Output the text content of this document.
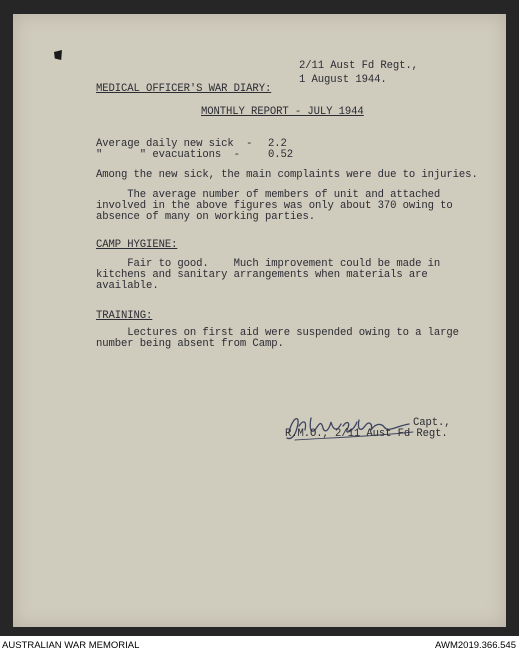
2/11 Aust Fd Regt.,
1 August 1944.
MEDICAL OFFICER'S WAR DIARY:
MONTHLY REPORT - JULY 1944
Average daily new sick  - 2.2
"      " evacuations  -	0.52
Among the new sick, the main complaints were due to injuries.
The average number of members of unit and attached
involved in the above figures was only about 370 owing to
absence of many on working parties.
CAMP HYGIENE:
Fair to good.    Much improvement could be made in
kitchens and sanitary arrangements when materials are
available.
TRAINING:
Lectures on first aid were suspended owing to a large
number being absent from Camp.
Capt.,
R.M.O., 2/11 Aust Fd Regt.
AUSTRALIAN WAR MEMORIAL	AWM2019.366.545
